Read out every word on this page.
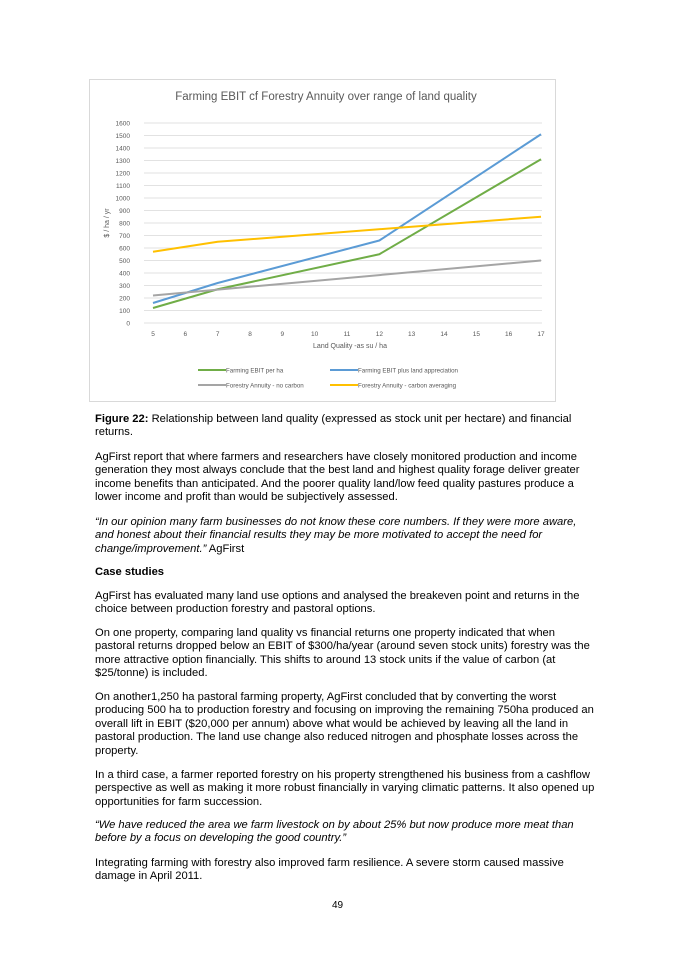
Farming EBIT cf Forestry Annuity over range of land quality
0
100
200
300
400
500
600
700
800
900
1000
1100
1200
1300
1400
1500
1600
5	6	7	8	9	10	11	12	13	14	15	16	17
$ / ha / yr
Land Quality -as su / ha
Farming EBIT per ha	Farming EBIT plus land appreciation
Forestry Annuity - no carbon	Forestry Annuity - carbon averaging
Figure 22: Relationship between land quality (expressed as stock unit per hectare) and financial returns.
AgFirst report that where farmers and researchers have closely monitored production and income generation they most always conclude that the best land and highest quality forage deliver greater income benefits than anticipated. And the poorer quality land/low feed quality pastures produce a lower income and profit than would be subjectively assessed.
“In our opinion many farm businesses do not know these core numbers. If they were more aware, and honest about their financial results they may be more motivated to accept the need for change/improvement.” AgFirst
Case studies
AgFirst has evaluated many land use options and analysed the breakeven point and returns in the choice between production forestry and pastoral options.
On one property, comparing land quality vs financial returns one property indicated that when pastoral returns dropped below an EBIT of $300/ha/year (around seven stock units) forestry was the more attractive option financially. This shifts to around 13 stock units if the value of carbon (at $25/tonne) is included.
On another1,250 ha pastoral farming property, AgFirst concluded that by converting the worst producing 500 ha to production forestry and focusing on improving the remaining 750ha produced an overall lift in EBIT ($20,000 per annum) above what would be achieved by leaving all the land in pastoral production. The land use change also reduced nitrogen and phosphate losses across the property.
In a third case, a farmer reported forestry on his property strengthened his business from a cashflow perspective as well as making it more robust financially in varying climatic patterns. It also opened up opportunities for farm succession.
“We have reduced the area we farm livestock on by about 25% but now produce more meat than before by a focus on developing the good country.”
Integrating farming with forestry also improved farm resilience. A severe storm caused massive damage in April 2011.
49
